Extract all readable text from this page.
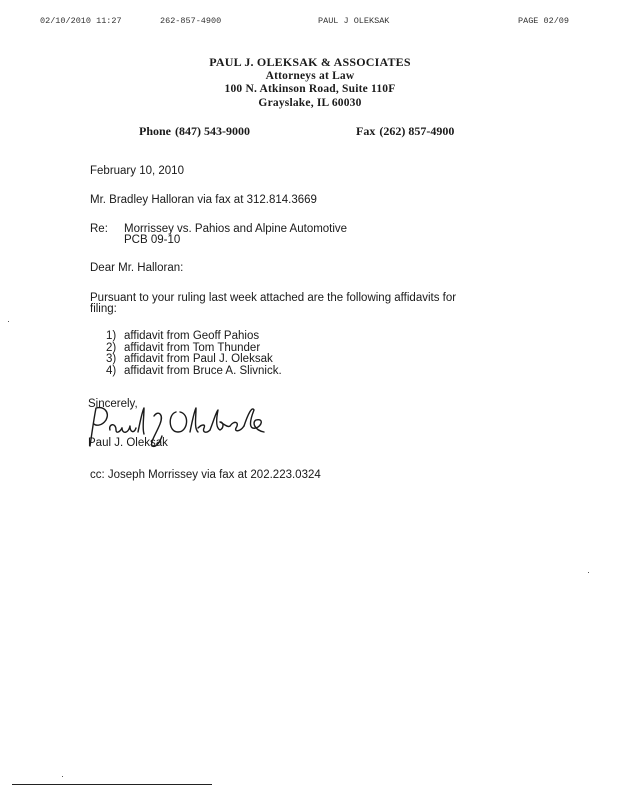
02/10/2010 11:27	262-857-4900	PAUL J OLEKSAK	PAGE 02/09
PAUL J. OLEKSAK & ASSOCIATES
Attorneys at Law
100 N. Atkinson Road, Suite 110F
Grayslake, IL 60030
Phone (847) 543-9000	Fax (262) 857-4900
February 10, 2010
Mr. Bradley Halloran via fax at 312.814.3669
Re: Morrissey vs. Pahios and Alpine Automotive
PCB 09-10
Dear Mr. Halloran:
Pursuant to your ruling last week attached are the following affidavits for
filing:
1) affidavit from Geoff Pahios
2) affidavit from Tom Thunder
3) affidavit from Paul J. Oleksak
4) affidavit from Bruce A. Slivnick.
Sincerely,
Paul J. Oleksak
cc: Joseph Morrissey via fax at 202.223.0324
